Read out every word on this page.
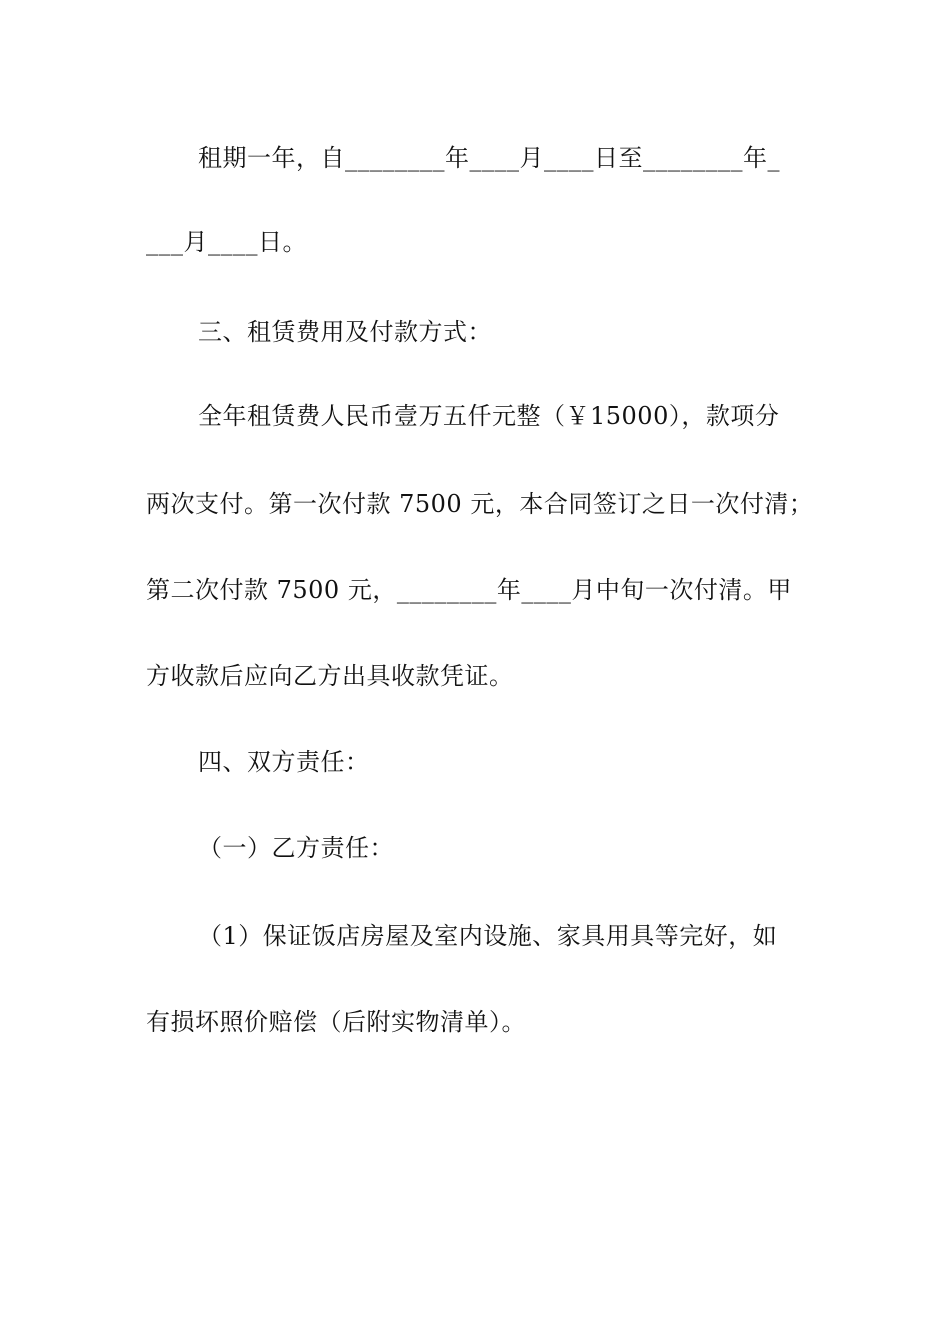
租期一年，自________年____月____日至________年_
___月____日。
三、租赁费用及付款方式：
全年租赁费人民币壹万五仟元整（￥15000），款项分
两次支付。第一次付款 7500 元，本合同签订之日一次付清；
第二次付款 7500 元，________年____月中旬一次付清。甲
方收款后应向乙方出具收款凭证。
四、双方责任：
（一）乙方责任：
（1）保证饭店房屋及室内设施、家具用具等完好，如
有损坏照价赔偿（后附实物清单）。
